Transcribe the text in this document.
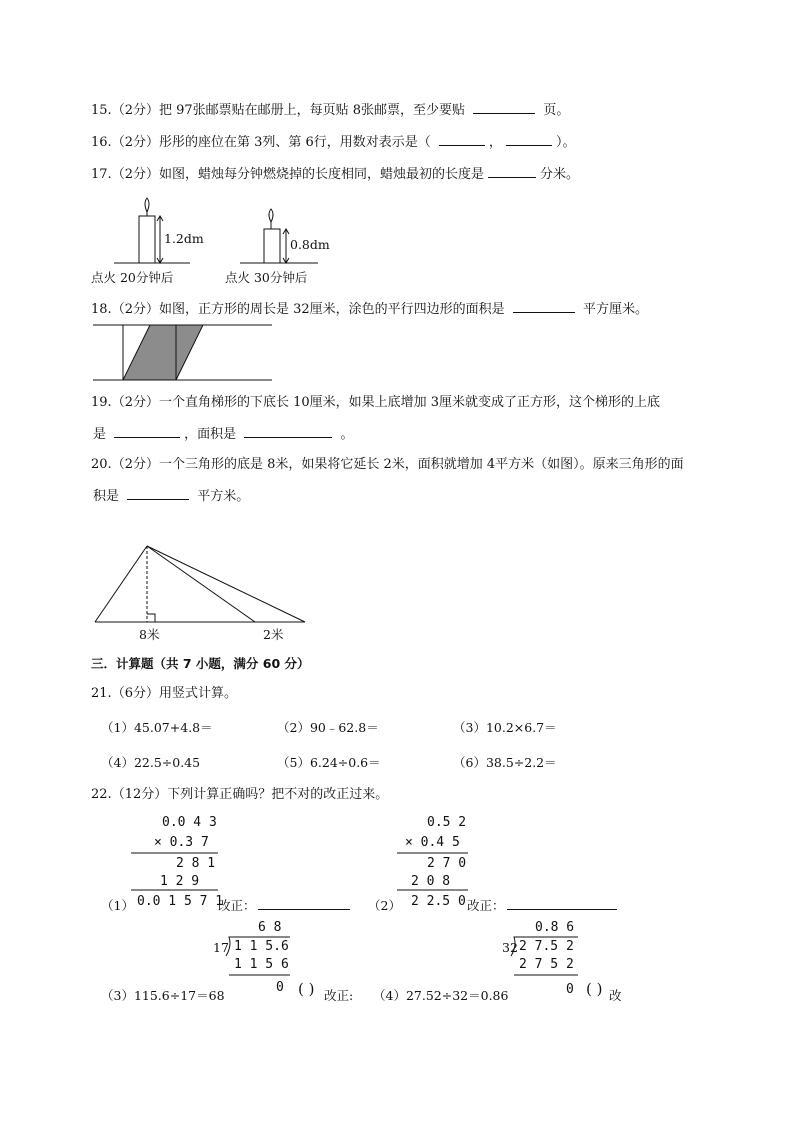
15.（2分）把 97张邮票贴在邮册上，每页贴 8张邮票，至少要贴	页。
16.（2分）彤彤的座位在第 3列、第 6行，用数对表示是（	，	）。
17.（2分）如图，蜡烛每分钟燃烧掉的长度相同，蜡烛最初的长度是	分米。
1.2dm	0.8dm
点火 20分钟后	点火 30分钟后
18.（2分）如图，正方形的周长是 32厘米，涂色的平行四边形的面积是	平方厘米。
19.（2分）一个直角梯形的下底长 10厘米，如果上底增加 3厘米就变成了正方形，这个梯形的上底
是	，面积是	。
20.（2分）一个三角形的底是 8米，如果将它延长 2米，面积就增加 4平方米（如图）。原来三角形的面
积是	平方米。
8米	2米
三．计算题（共 7 小题，满分 60 分）
21.（6分）用竖式计算。
（1）45.07+4.8＝	（2）90﹣62.8＝	（3）10.2×6.7＝
（4）22.5÷0.45	（5）6.24÷0.6＝	（6）38.5÷2.2＝
22.（12分）下列计算正确吗？把不对的改正过来。
0.0 4 3
× 0.3 7
2 8 1
1 2 9
0.0 1 5 7 1
（1）	改正：
0.5 2
× 0.4 5
2 7 0
2 0 8
2 2.5 0
（2）	改正：
6 8
17 1 1 5.6
1 1 5 6
0 ( ) 改正:
（3）115.6÷17＝68
0.8 6
32 2 7.5 2
2 7 5 2
0 ( ) 改
（4）27.52÷32＝0.86
